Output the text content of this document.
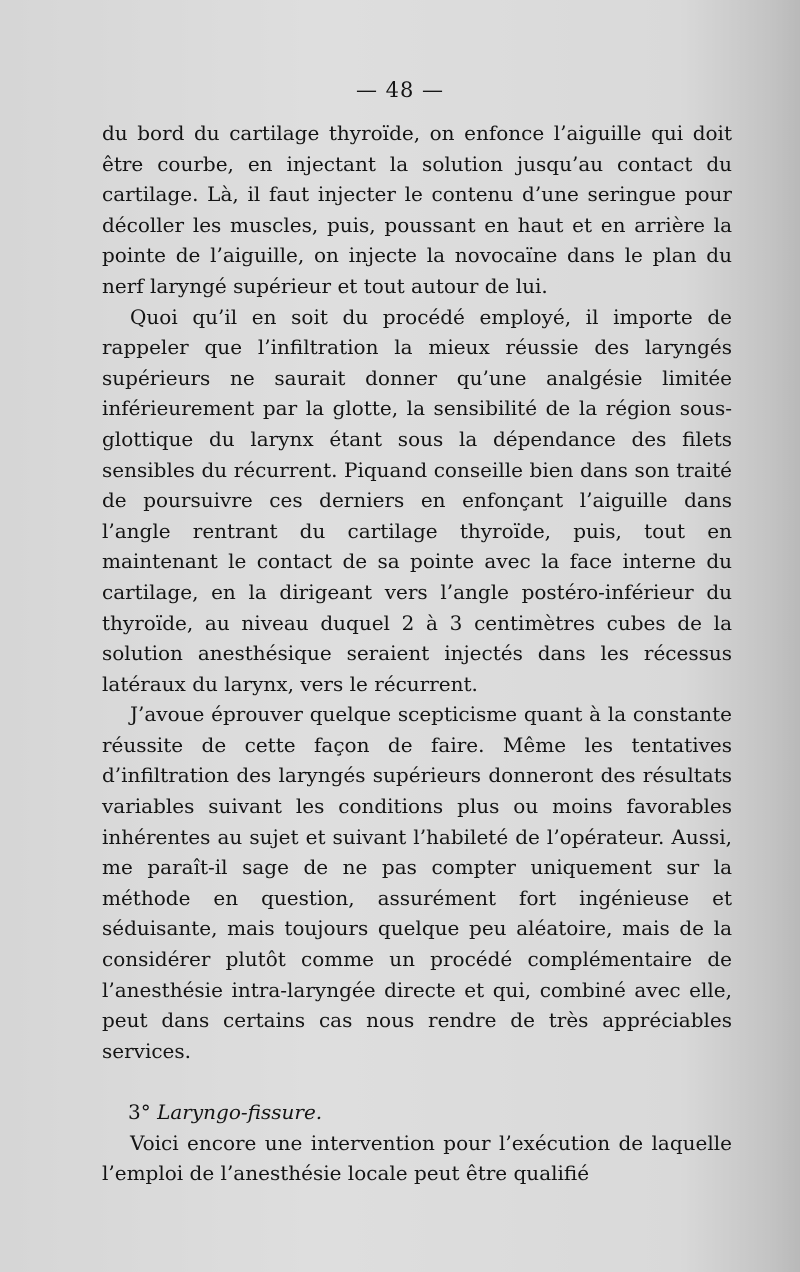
— 48 —

du bord du cartilage thyroïde, on enfonce l’aiguille qui doit être courbe, en injectant la solution jusqu’au contact du cartilage. Là, il faut injecter le contenu d’une seringue pour décoller les muscles, puis, poussant en haut et en arrière la pointe de l’aiguille, on injecte la novocaïne dans le plan du nerf laryngé supérieur et tout autour de lui.

Quoi qu’il en soit du procédé employé, il importe de rappeler que l’infiltration la mieux réussie des laryngés supérieurs ne saurait donner qu’une analgésie limitée inférieurement par la glotte, la sensibilité de la région sous-glottique du larynx étant sous la dépendance des filets sensibles du récurrent. Piquand conseille bien dans son traité de poursuivre ces derniers en enfonçant l’aiguille dans l’angle rentrant du cartilage thyroïde, puis, tout en maintenant le contact de sa pointe avec la face interne du cartilage, en la dirigeant vers l’angle postéro-inférieur du thyroïde, au niveau duquel 2 à 3 centimètres cubes de la solution anesthésique seraient injectés dans les récessus latéraux du larynx, vers le récurrent.

J’avoue éprouver quelque scepticisme quant à la constante réussite de cette façon de faire. Même les tentatives d’infiltration des laryngés supérieurs donneront des résultats variables suivant les conditions plus ou moins favorables inhérentes au sujet et suivant l’habileté de l’opérateur. Aussi, me paraît-il sage de ne pas compter uniquement sur la méthode en question, assurément fort ingénieuse et séduisante, mais toujours quelque peu aléatoire, mais de la considérer plutôt comme un procédé complémentaire de l’anesthésie intra-laryngée directe et qui, combiné avec elle, peut dans certains cas nous rendre de très appréciables services.

3° Laryngo-fissure.

Voici encore une intervention pour l’exécution de laquelle l’emploi de l’anesthésie locale peut être qualifié
